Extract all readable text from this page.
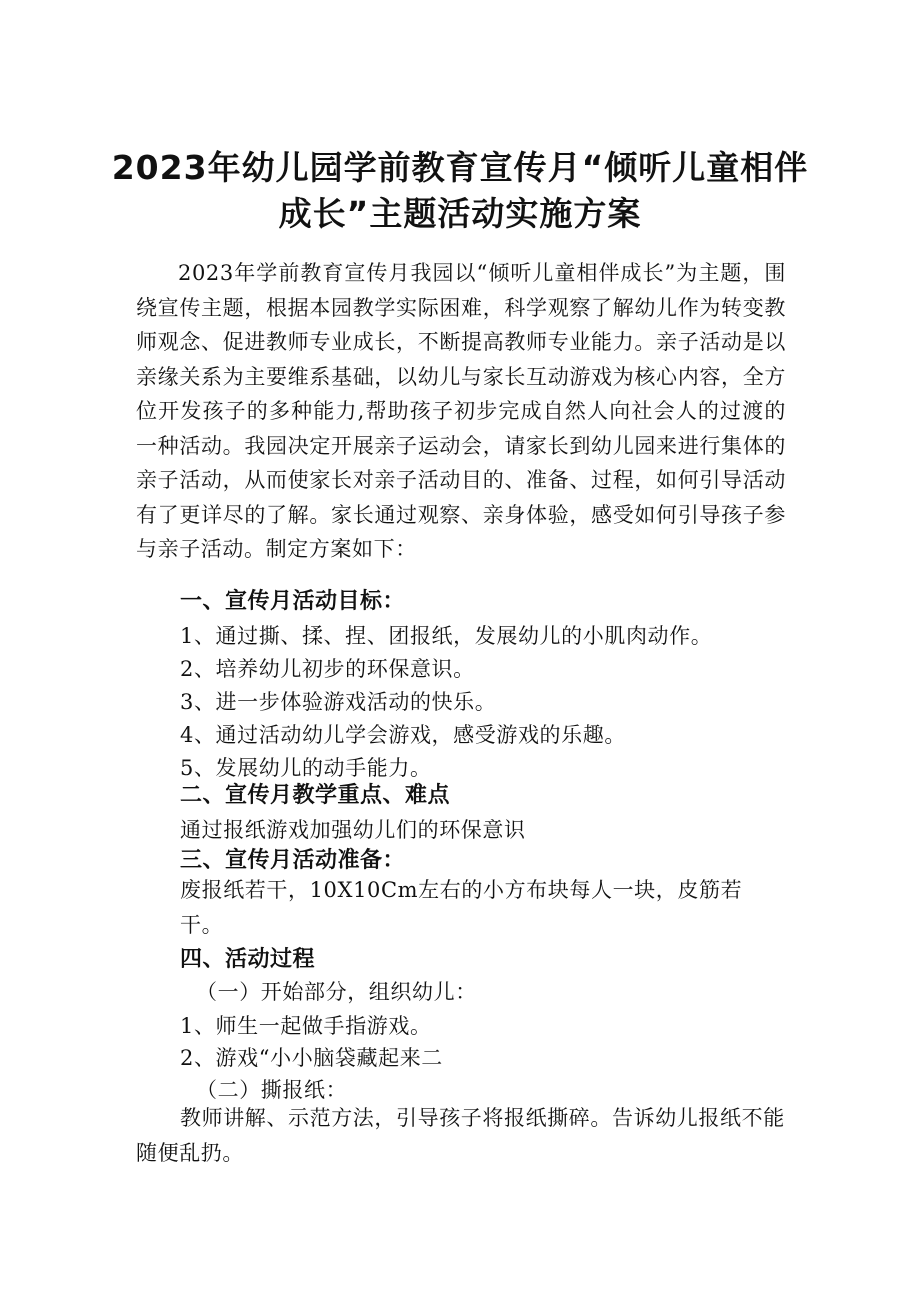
2023年幼儿园学前教育宣传月“倾听儿童相伴
成长”主题活动实施方案
2023年学前教育宣传月我园以“倾听儿童相伴成长”为主题，围绕宣传主题，根据本园教学实际困难，科学观察了解幼儿作为转变教师观念、促进教师专业成长，不断提高教师专业能力。亲子活动是以亲缘关系为主要维系基础，以幼儿与家长互动游戏为核心内容，全方位开发孩子的多种能力,帮助孩子初步完成自然人向社会人的过渡的一种活动。我园决定开展亲子运动会，请家长到幼儿园来进行集体的亲子活动，从而使家长对亲子活动目的、准备、过程，如何引导活动有了更详尽的了解。家长通过观察、亲身体验，感受如何引导孩子参与亲子活动。制定方案如下：
一、宣传月活动目标：
1、通过撕、揉、捏、团报纸，发展幼儿的小肌肉动作。
2、培养幼儿初步的环保意识。
3、进一步体验游戏活动的快乐。
4、通过活动幼儿学会游戏，感受游戏的乐趣。
5、发展幼儿的动手能力。
二、宣传月教学重点、难点
通过报纸游戏加强幼儿们的环保意识
三、宣传月活动准备：
废报纸若干，10X10Cm左右的小方布块每人一块，皮筋若干。
四、活动过程
（一）开始部分，组织幼儿：
1、师生一起做手指游戏。
2、游戏“小小脑袋藏起来二
（二）撕报纸：
教师讲解、示范方法，引导孩子将报纸撕碎。告诉幼儿报纸不能随便乱扔。
